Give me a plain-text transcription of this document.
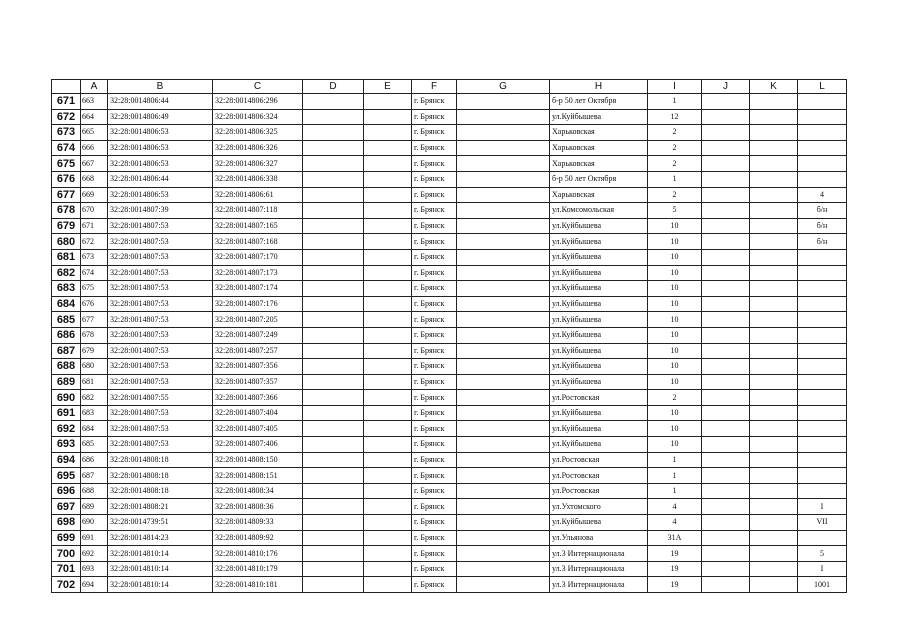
	A	B	C	D	E	F	G	H	I	J	K	L
671	663	32:28:0014806:44	32:28:0014806:296			г. Брянск		б-р 50 лет Октября	1			
672	664	32:28:0014806:49	32:28:0014806:324			г. Брянск		ул.Куйбышева	12			
673	665	32:28:0014806:53	32:28:0014806:325			г. Брянск		Харьковская	2			
674	666	32:28:0014806:53	32:28:0014806:326			г. Брянск		Харьковская	2			
675	667	32:28:0014806:53	32:28:0014806:327			г. Брянск		Харьковская	2			
676	668	32:28:0014806:44	32:28:0014806:338			г. Брянск		б-р 50 лет Октября	1			
677	669	32:28:0014806:53	32:28:0014806:61			г. Брянск		Харьковская	2			4
678	670	32:28:0014807:39	32:28:0014807:118			г. Брянск		ул.Комсомольская	5			б/н
679	671	32:28:0014807:53	32:28:0014807:165			г. Брянск		ул.Куйбышева	10			б/н
680	672	32:28:0014807:53	32:28:0014807:168			г. Брянск		ул.Куйбышева	10			б/н
681	673	32:28:0014807:53	32:28:0014807:170			г. Брянск		ул.Куйбышева	10			
682	674	32:28:0014807:53	32:28:0014807:173			г. Брянск		ул.Куйбышева	10			
683	675	32:28:0014807:53	32:28:0014807:174			г. Брянск		ул.Куйбышева	10			
684	676	32:28:0014807:53	32:28:0014807:176			г. Брянск		ул.Куйбышева	10			
685	677	32:28:0014807:53	32:28:0014807:205			г. Брянск		ул.Куйбышева	10			
686	678	32:28:0014807:53	32:28:0014807:249			г. Брянск		ул.Куйбышева	10			
687	679	32:28:0014807:53	32:28:0014807:257			г. Брянск		ул.Куйбышева	10			
688	680	32:28:0014807:53	32:28:0014807:356			г. Брянск		ул.Куйбышева	10			
689	681	32:28:0014807:53	32:28:0014807:357			г. Брянск		ул.Куйбышева	10			
690	682	32:28:0014807:55	32:28:0014807:366			г. Брянск		ул.Ростовская	2			
691	683	32:28:0014807:53	32:28:0014807:404			г. Брянск		ул.Куйбышева	10			
692	684	32:28:0014807:53	32:28:0014807:405			г. Брянск		ул.Куйбышева	10			
693	685	32:28:0014807:53	32:28:0014807:406			г. Брянск		ул.Куйбышева	10			
694	686	32:28:0014808:18	32:28:0014808:150			г. Брянск		ул.Ростовская	1			
695	687	32:28:0014808:18	32:28:0014808:151			г. Брянск		ул.Ростовская	1			
696	688	32:28:0014808:18	32:28:0014808:34			г. Брянск		ул.Ростовская	1			
697	689	32:28:0014808:21	32:28:0014808:36			г. Брянск		ул.Ухтомского	4			I
698	690	32:28:0014739:51	32:28:0014809:33			г. Брянск		ул.Куйбышева	4			VII
699	691	32:28:0014814:23	32:28:0014809:92			г. Брянск		ул.Ульянова	31А			
700	692	32:28:0014810:14	32:28:0014810:176			г. Брянск		ул.3 Интернационала	19			5
701	693	32:28:0014810:14	32:28:0014810:179			г. Брянск		ул.3 Интернационала	19			I
702	694	32:28:0014810:14	32:28:0014810:181			г. Брянск		ул.3 Интернационала	19			1001
